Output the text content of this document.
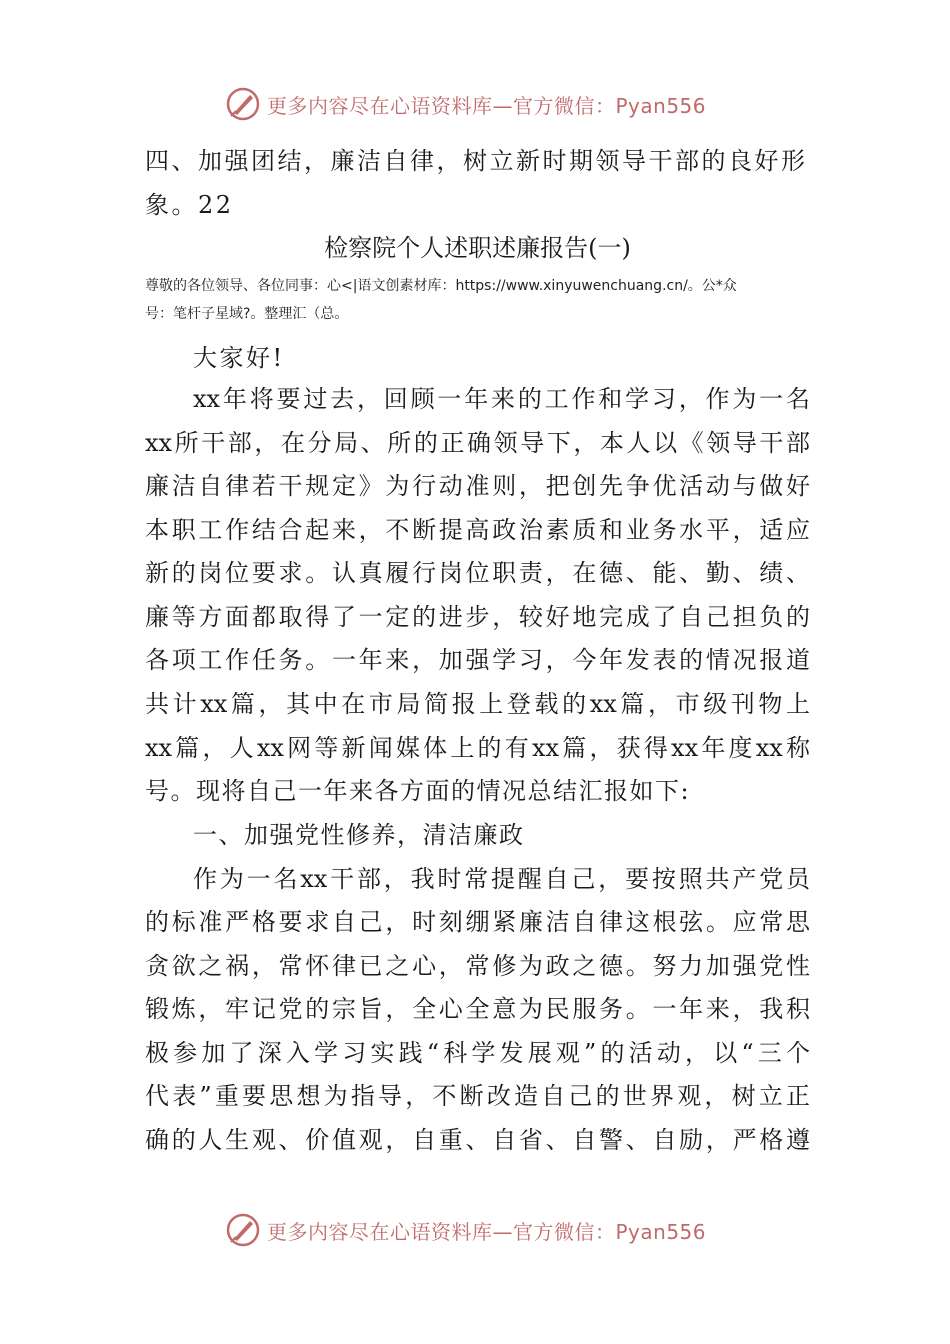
更多内容尽在心语资料库—官方微信：Pyan556
四、加强团结，廉洁自律，树立新时期领导干部的良好形
象。22
检察院个人述职述廉报告(一)
尊敬的各位领导、各位同事：心<|语文创素材库：https://www.xinyuwenchuang.cn/。公*众
号：笔杆子星域?。整理汇（总。
大家好!
xx年将要过去，回顾一年来的工作和学习，作为一名
xx所干部，在分局、所的正确领导下，本人以《领导干部
廉洁自律若干规定》为行动准则，把创先争优活动与做好
本职工作结合起来，不断提高政治素质和业务水平，适应
新的岗位要求。认真履行岗位职责，在德、能、勤、绩、
廉等方面都取得了一定的进步，较好地完成了自己担负的
各项工作任务。一年来，加强学习，今年发表的情况报道
共计xx篇，其中在市局简报上登载的xx篇，市级刊物上
xx篇，人xx网等新闻媒体上的有xx篇，获得xx年度xx称
号。现将自己一年来各方面的情况总结汇报如下:
一、加强党性修养，清洁廉政
作为一名xx干部，我时常提醒自己，要按照共产党员
的标准严格要求自己，时刻绷紧廉洁自律这根弦。应常思
贪欲之祸，常怀律已之心，常修为政之德。努力加强党性
锻炼，牢记党的宗旨，全心全意为民服务。一年来，我积
极参加了深入学习实践“科学发展观”的活动，以“三个
代表”重要思想为指导，不断改造自己的世界观，树立正
确的人生观、价值观，自重、自省、自警、自励，严格遵
更多内容尽在心语资料库—官方微信：Pyan556
